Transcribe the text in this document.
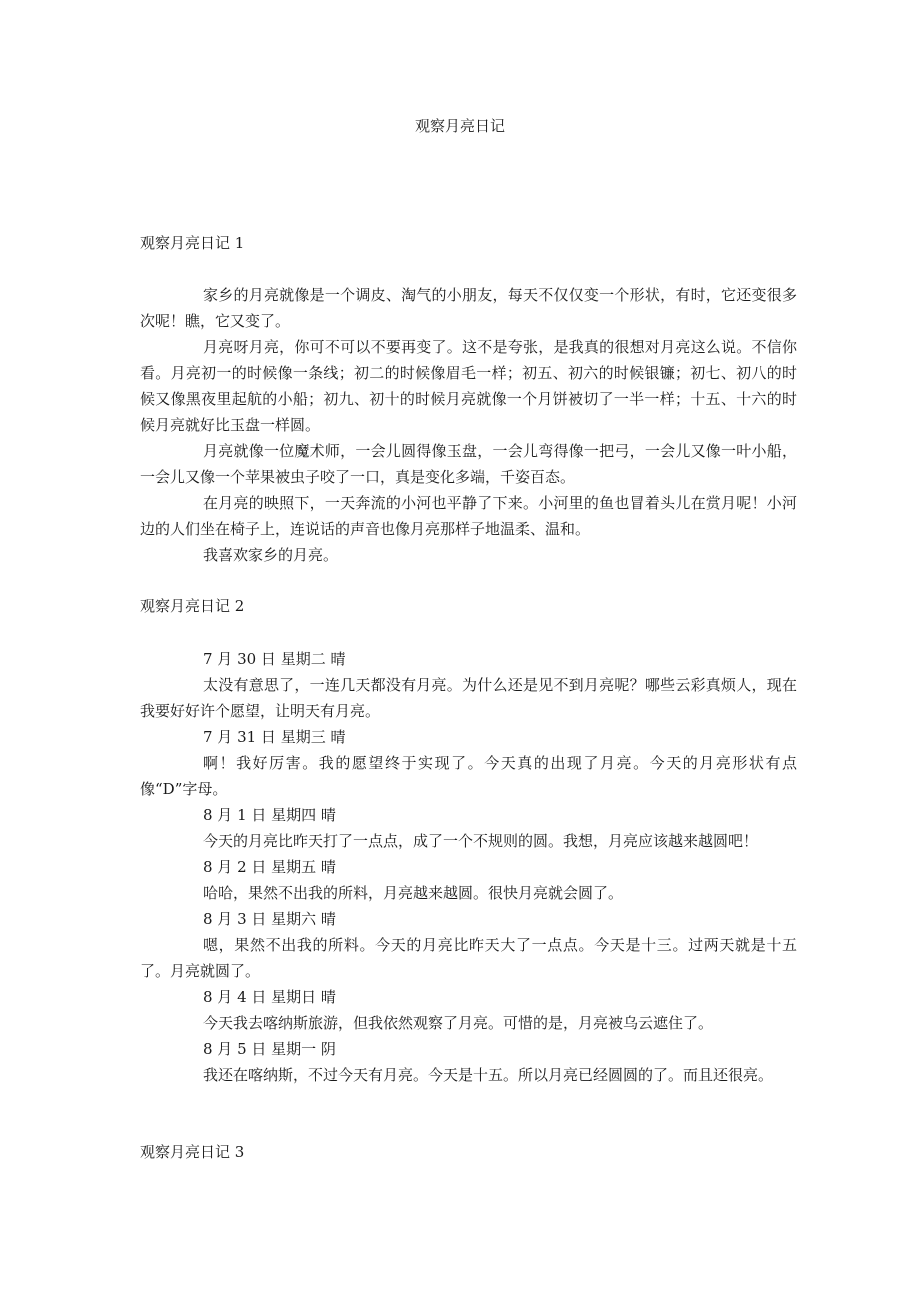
观察月亮日记
观察月亮日记 1
家乡的月亮就像是一个调皮、淘气的小朋友，每天不仅仅变一个形状，有时，它还变很多次呢！瞧，它又变了。
月亮呀月亮，你可不可以不要再变了。这不是夸张，是我真的很想对月亮这么说。不信你看。月亮初一的时候像一条线；初二的时候像眉毛一样；初五、初六的时候银镰；初七、初八的时候又像黑夜里起航的小船；初九、初十的时候月亮就像一个月饼被切了一半一样；十五、十六的时候月亮就好比玉盘一样圆。
月亮就像一位魔术师，一会儿圆得像玉盘，一会儿弯得像一把弓，一会儿又像一叶小船，一会儿又像一个苹果被虫子咬了一口，真是变化多端，千姿百态。
在月亮的映照下，一天奔流的小河也平静了下来。小河里的鱼也冒着头儿在赏月呢！小河边的人们坐在椅子上，连说话的声音也像月亮那样子地温柔、温和。
我喜欢家乡的月亮。
观察月亮日记 2
7 月 30 日 星期二 晴
太没有意思了，一连几天都没有月亮。为什么还是见不到月亮呢？哪些云彩真烦人，现在我要好好许个愿望，让明天有月亮。
7 月 31 日 星期三 晴
啊！我好厉害。我的愿望终于实现了。今天真的出现了月亮。今天的月亮形状有点像“D”字母。
8 月 1 日 星期四 晴
今天的月亮比昨天打了一点点，成了一个不规则的圆。我想，月亮应该越来越圆吧！
8 月 2 日 星期五 晴
哈哈，果然不出我的所料，月亮越来越圆。很快月亮就会圆了。
8 月 3 日 星期六 晴
嗯，果然不出我的所料。今天的月亮比昨天大了一点点。今天是十三。过两天就是十五了。月亮就圆了。
8 月 4 日 星期日 晴
今天我去喀纳斯旅游，但我依然观察了月亮。可惜的是，月亮被乌云遮住了。
8 月 5 日 星期一 阴
我还在喀纳斯，不过今天有月亮。今天是十五。所以月亮已经圆圆的了。而且还很亮。
观察月亮日记 3
